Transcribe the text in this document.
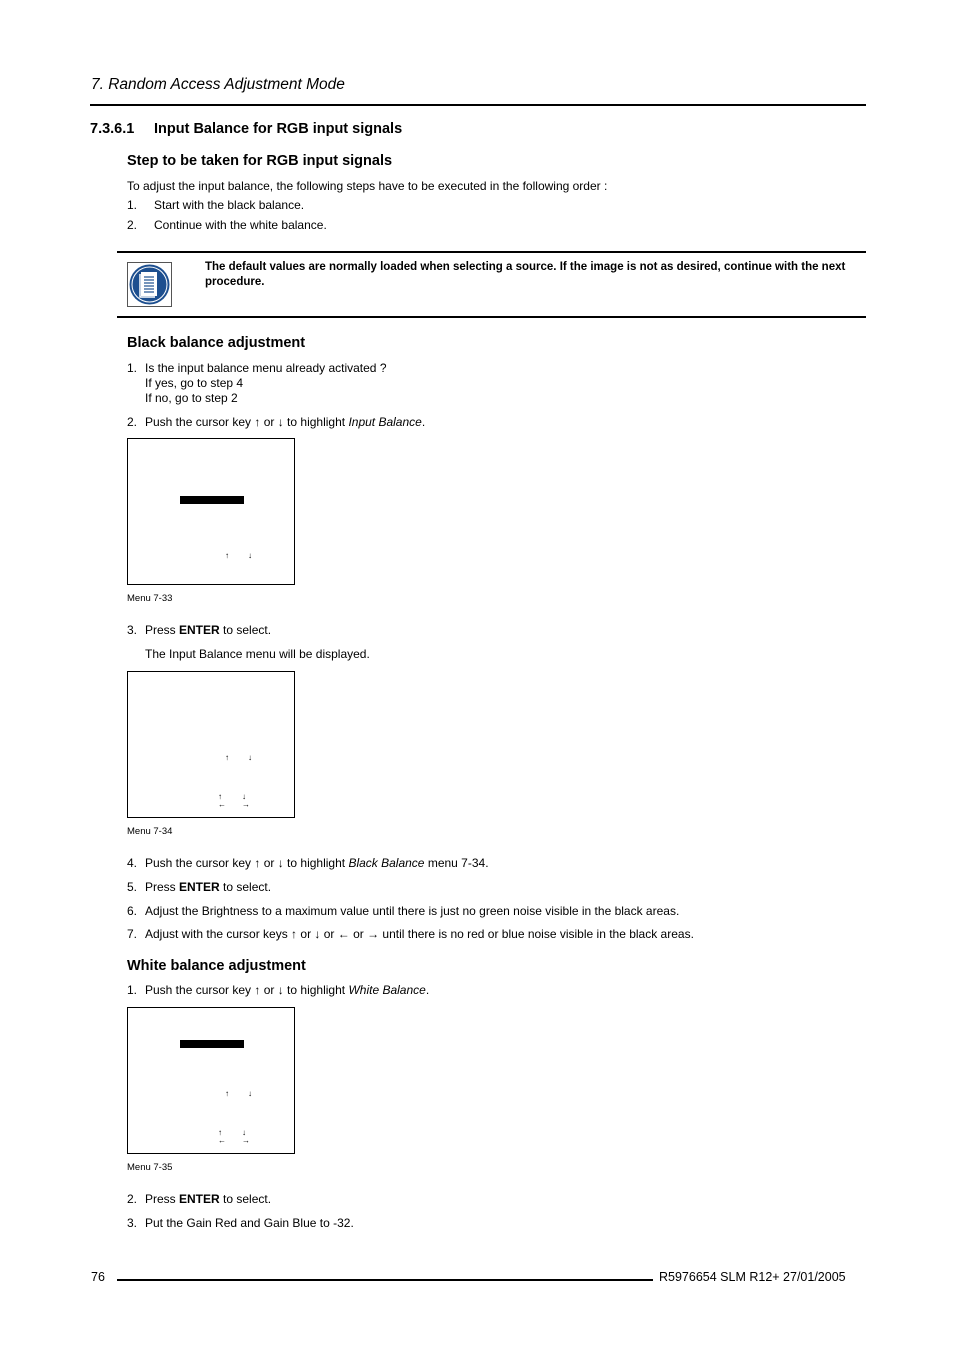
7. Random Access Adjustment Mode
7.3.6.1 Input Balance for RGB input signals
Step to be taken for RGB input signals
To adjust the input balance, the following steps have to be executed in the following order :
1. Start with the black balance.
2. Continue with the white balance.
The default values are normally loaded when selecting a source. If the image is not as desired, continue with the next procedure.
Black balance adjustment
1. Is the input balance menu already activated ?
If yes, go to step 4
If no, go to step 2
2. Push the cursor key ↑ or ↓ to highlight Input Balance.
↑ ↓
Menu 7-33
3. Press ENTER to select.
The Input Balance menu will be displayed.
↑ ↓
↑	↓
← →
Menu 7-34
4. Push the cursor key ↑ or ↓ to highlight Black Balance menu 7-34.
5. Press ENTER to select.
6. Adjust the Brightness to a maximum value until there is just no green noise visible in the black areas.
7. Adjust with the cursor keys ↑ or ↓ or ← or → until there is no red or blue noise visible in the black areas.
White balance adjustment
1. Push the cursor key ↑ or ↓ to highlight White Balance.
↑ ↓
↑	↓
← →
Menu 7-35
2. Press ENTER to select.
3. Put the Gain Red and Gain Blue to -32.
76	R5976654 SLM R12+ 27/01/2005
